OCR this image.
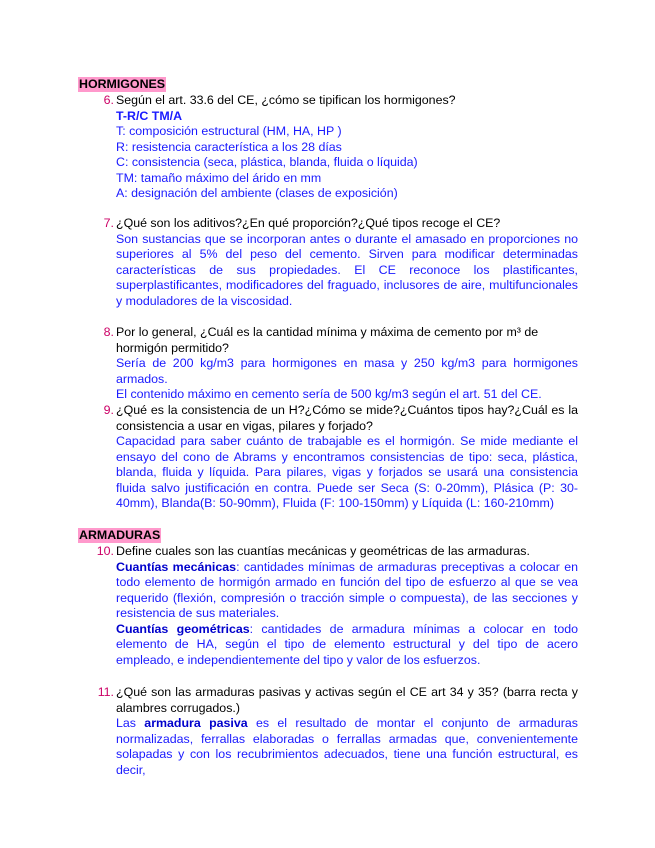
HORMIGONES
6. Según el art. 33.6 del CE, ¿cómo se tipifican los hormigones?
T-R/C TM/A
T: composición estructural (HM, HA, HP )
R: resistencia característica a los 28 días
C: consistencia (seca, plástica, blanda, fluida o líquida)
TM: tamaño máximo del árido en mm
A: designación del ambiente (clases de exposición)
7. ¿Qué son los aditivos?¿En qué proporción?¿Qué tipos recoge el CE?
Son sustancias que se incorporan antes o durante el amasado en proporciones no superiores al 5% del peso del cemento. Sirven para modificar determinadas características de sus propiedades. El CE reconoce los plastificantes, superplastificantes, modificadores del fraguado, inclusores de aire, multifuncionales y moduladores de la viscosidad.
8. Por lo general, ¿Cuál es la cantidad mínima y máxima de cemento por m³ de hormigón permitido?
Sería de 200 kg/m3 para hormigones en masa y 250 kg/m3 para hormigones armados.
El contenido máximo en cemento sería de 500 kg/m3 según el art. 51 del CE.
9. ¿Qué es la consistencia de un H?¿Cómo se mide?¿Cuántos tipos hay?¿Cuál es la consistencia a usar en vigas, pilares y forjado?
Capacidad para saber cuánto de trabajable es el hormigón. Se mide mediante el ensayo del cono de Abrams y encontramos consistencias de tipo: seca, plástica, blanda, fluida y líquida. Para pilares, vigas y forjados se usará una consistencia fluida salvo justificación en contra. Puede ser Seca (S: 0-20mm), Plásica (P: 30-40mm), Blanda(B: 50-90mm), Fluida (F: 100-150mm) y Líquida (L: 160-210mm)
ARMADURAS
10. Define cuales son las cuantías mecánicas y geométricas de las armaduras.

Cuantías mecánicas: cantidades mínimas de armaduras preceptivas a colocar en todo elemento de hormigón armado en función del tipo de esfuerzo al que se vea requerido (flexión, compresión o tracción simple o compuesta), de las secciones y resistencia de sus materiales.

Cuantías geométricas: cantidades de armadura mínimas a colocar en todo elemento de HA, según el tipo de elemento estructural y del tipo de acero empleado, e independientemente del tipo y valor de los esfuerzos.

11. ¿Qué son las armaduras pasivas y activas según el CE art 34 y 35? (barra recta y alambres corrugados.)
Las armadura pasiva es el resultado de montar el conjunto de armaduras normalizadas, ferrallas elaboradas o ferrallas armadas que, convenientemente solapadas y con los recubrimientos adecuados, tiene una función estructural, es decir,
